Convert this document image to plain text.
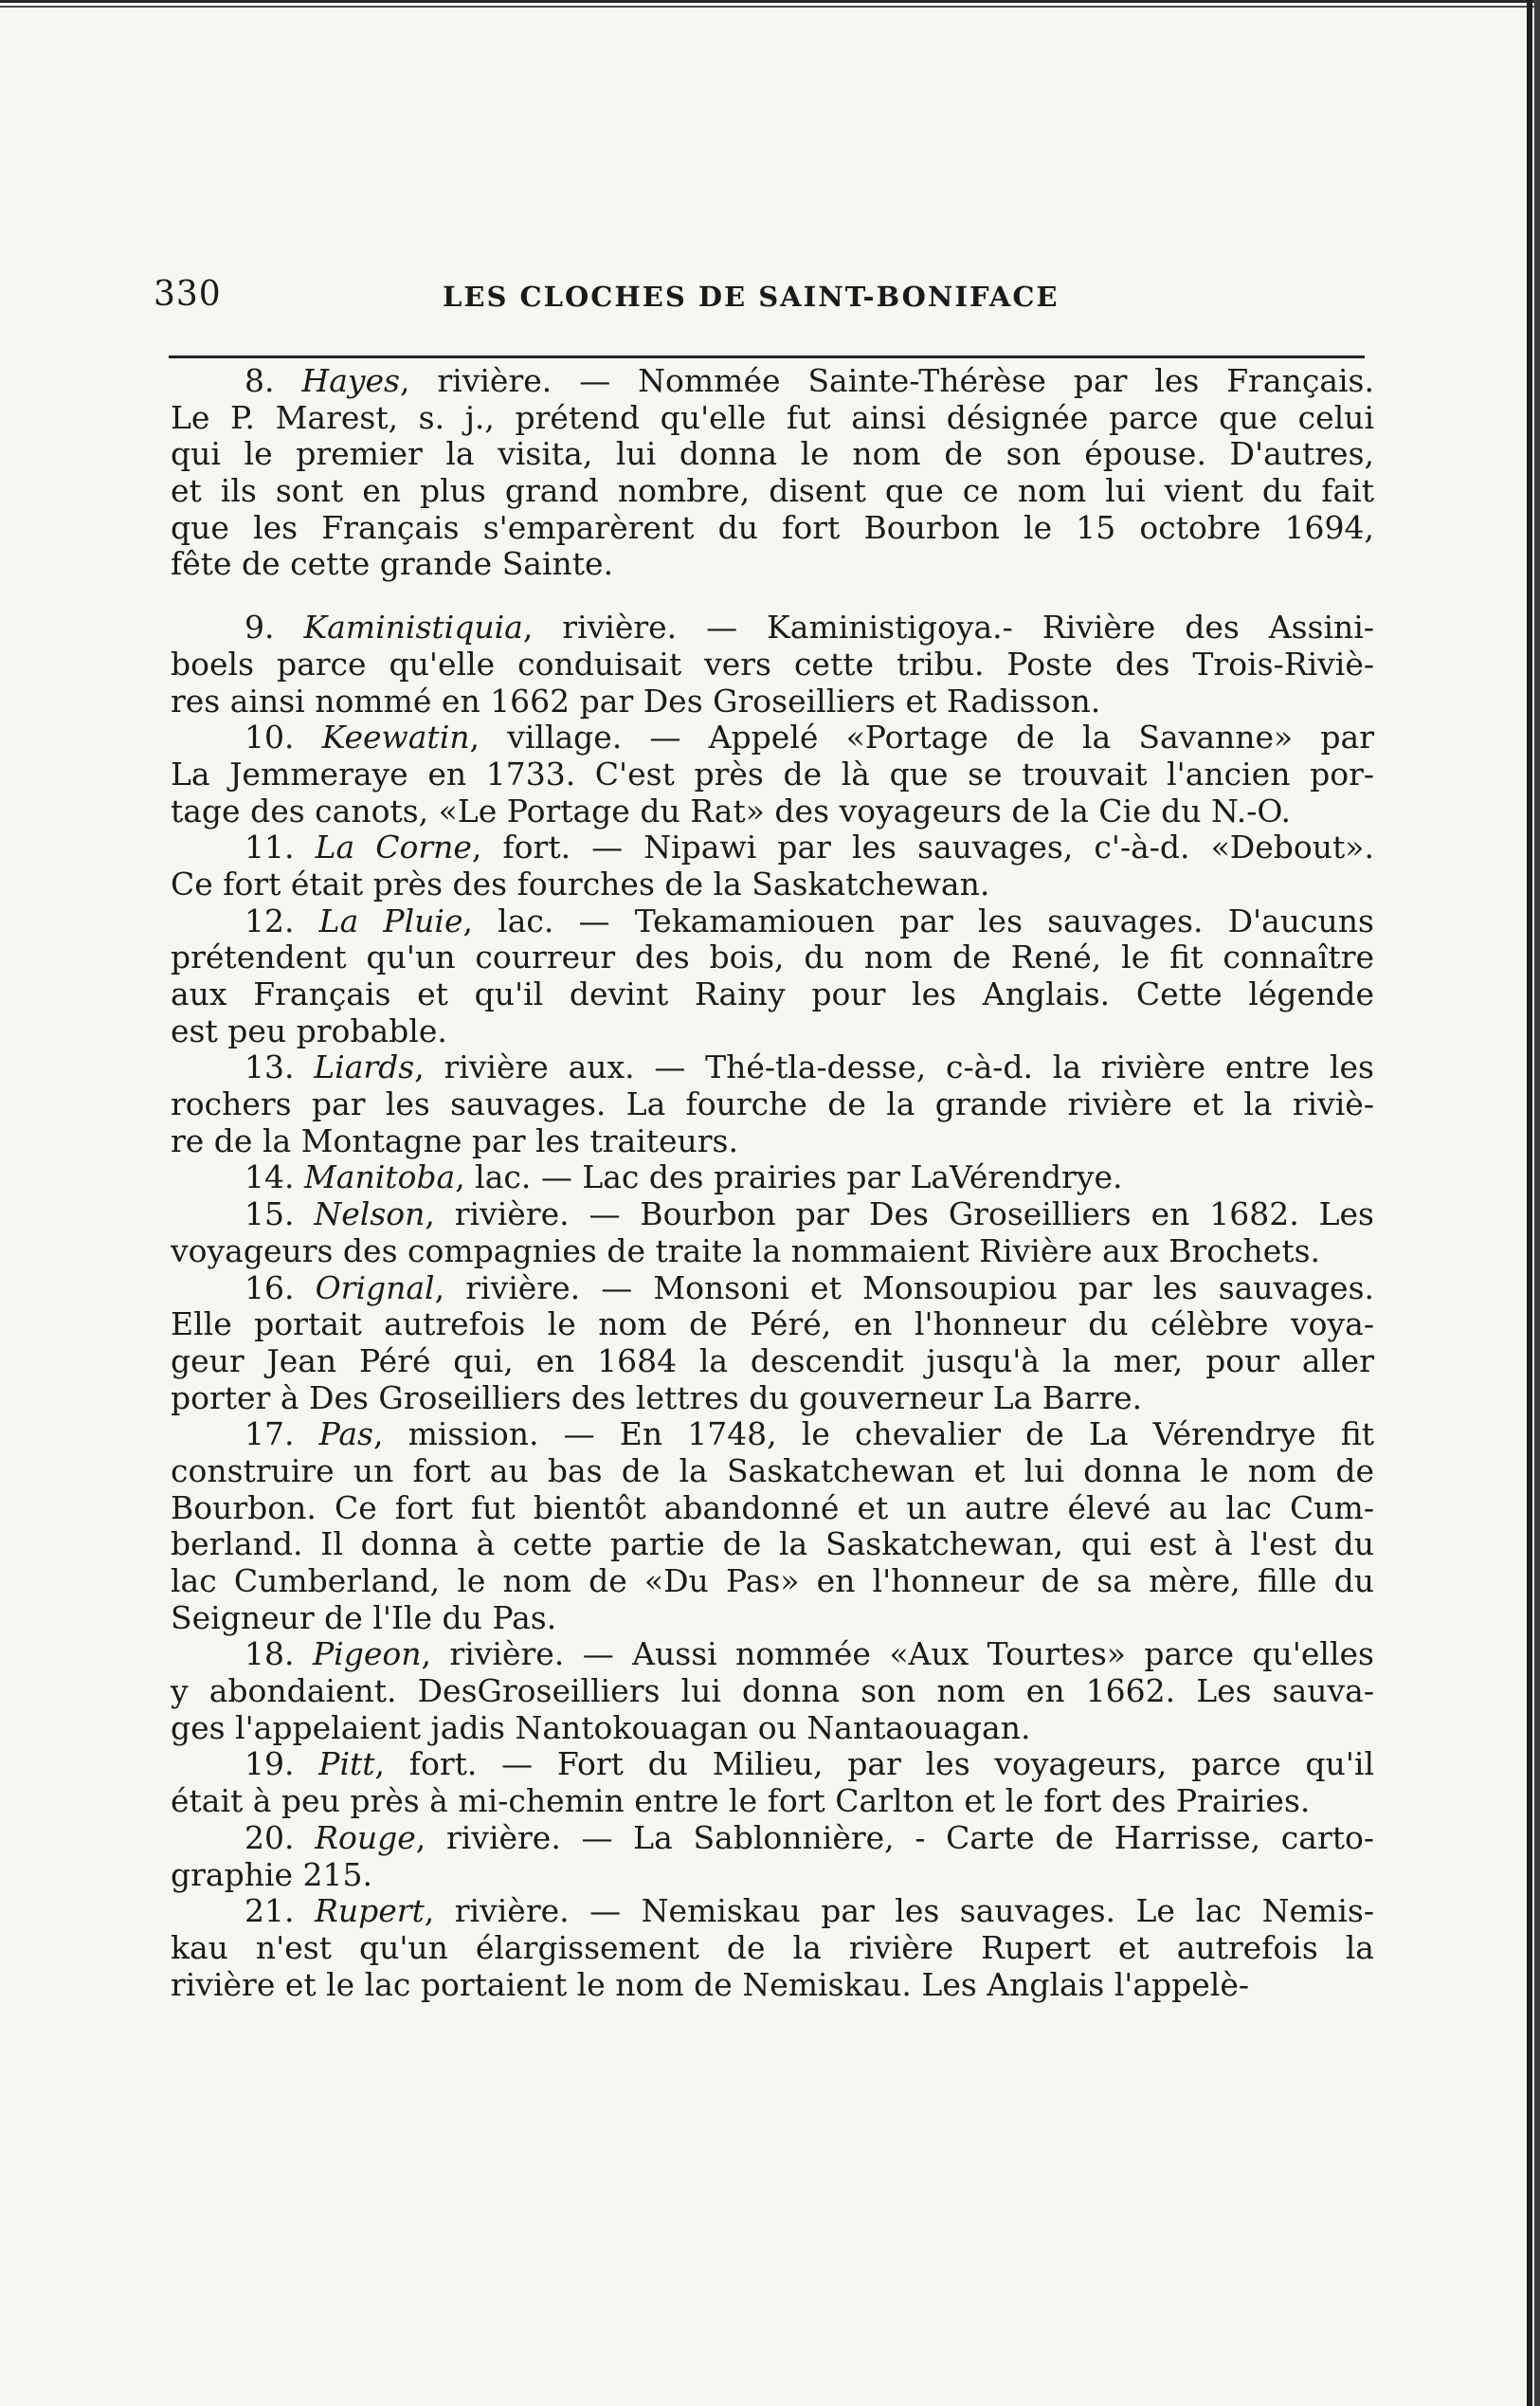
330	LES CLOCHES DE SAINT-BONIFACE
8. Hayes, rivière. — Nommée Sainte-Thérèse par les Français.
Le P. Marest, s. j., prétend qu'elle fut ainsi désignée parce que celui
qui le premier la visita, lui donna le nom de son épouse. D'autres,
et ils sont en plus grand nombre, disent que ce nom lui vient du fait
que les Français s'emparèrent du fort Bourbon le 15 octobre 1694,
fête de cette grande Sainte.
9. Kaministiquia, rivière. — Kaministigoya.- Rivière des Assini-
boels parce qu'elle conduisait vers cette tribu. Poste des Trois-Riviè-
res ainsi nommé en 1662 par Des Groseilliers et Radisson.
10. Keewatin, village. — Appelé «Portage de la Savanne» par
La Jemmeraye en 1733. C'est près de là que se trouvait l'ancien por-
tage des canots, «Le Portage du Rat» des voyageurs de la Cie du N.-O.
11. La Corne, fort. — Nipawi par les sauvages, c'-à-d. «Debout».
Ce fort était près des fourches de la Saskatchewan.
12. La Pluie, lac. — Tekamamiouen par les sauvages. D'aucuns
prétendent qu'un courreur des bois, du nom de René, le fit connaître
aux Français et qu'il devint Rainy pour les Anglais. Cette légende
est peu probable.
13. Liards, rivière aux. — Thé-tla-desse, c-à-d. la rivière entre les
rochers par les sauvages. La fourche de la grande rivière et la riviè-
re de la Montagne par les traiteurs.
14. Manitoba, lac. — Lac des prairies par LaVérendrye.
15. Nelson, rivière. — Bourbon par Des Groseilliers en 1682. Les
voyageurs des compagnies de traite la nommaient Rivière aux Brochets.
16. Orignal, rivière. — Monsoni et Monsoupiou par les sauvages.
Elle portait autrefois le nom de Péré, en l'honneur du célèbre voya-
geur Jean Péré qui, en 1684 la descendit jusqu'à la mer, pour aller
porter à Des Groseilliers des lettres du gouverneur La Barre.
17. Pas, mission. — En 1748, le chevalier de La Vérendrye fit
construire un fort au bas de la Saskatchewan et lui donna le nom de
Bourbon. Ce fort fut bientôt abandonné et un autre élevé au lac Cum-
berland. Il donna à cette partie de la Saskatchewan, qui est à l'est du
lac Cumberland, le nom de «Du Pas» en l'honneur de sa mère, fille du
Seigneur de l'Ile du Pas.
18. Pigeon, rivière. — Aussi nommée «Aux Tourtes» parce qu'elles
y abondaient. DesGroseilliers lui donna son nom en 1662. Les sauva-
ges l'appelaient jadis Nantokouagan ou Nantaouagan.
19. Pitt, fort. — Fort du Milieu, par les voyageurs, parce qu'il
était à peu près à mi-chemin entre le fort Carlton et le fort des Prairies.
20. Rouge, rivière. — La Sablonnière, - Carte de Harrisse, carto-
graphie 215.
21. Rupert, rivière. — Nemiskau par les sauvages. Le lac Nemis-
kau n'est qu'un élargissement de la rivière Rupert et autrefois la
rivière et le lac portaient le nom de Nemiskau. Les Anglais l'appelè-
